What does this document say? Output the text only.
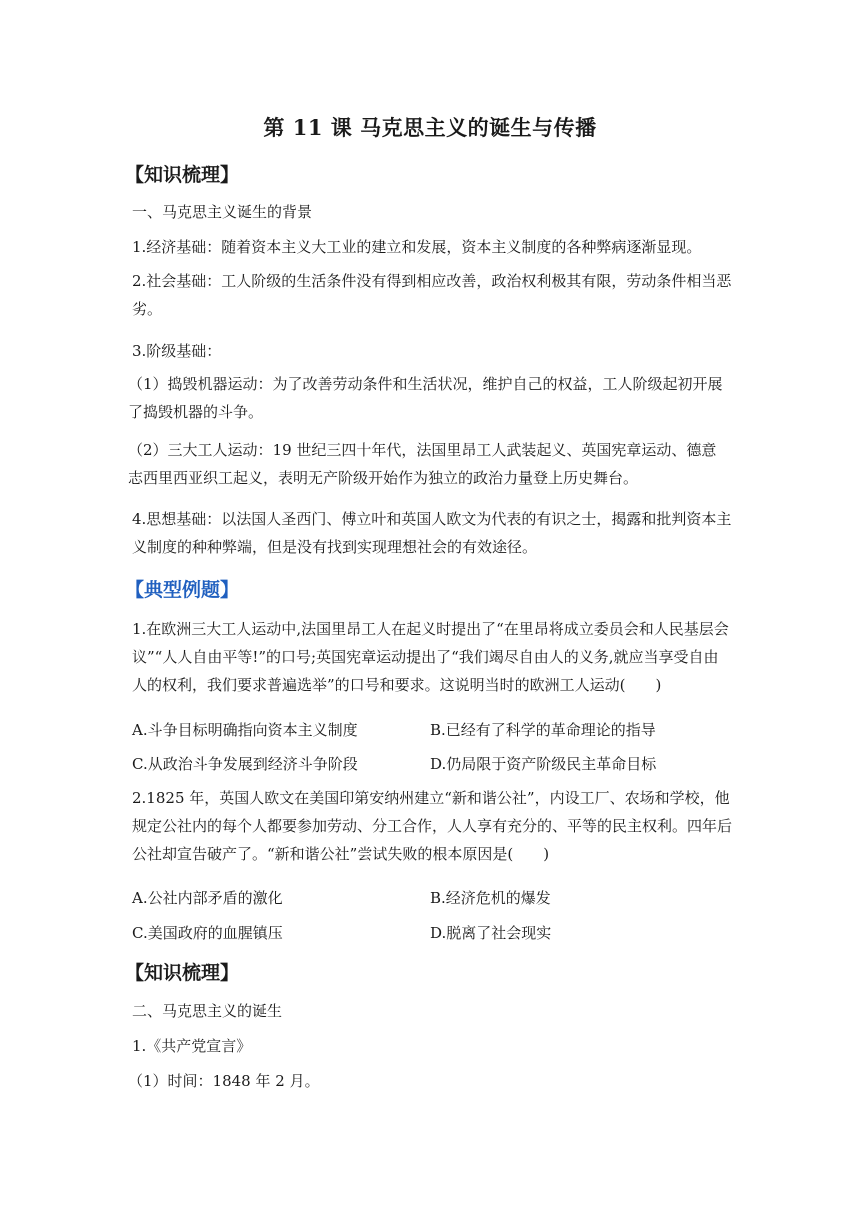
第 11 课 马克思主义的诞生与传播
【知识梳理】
一、马克思主义诞生的背景
1.经济基础：随着资本主义大工业的建立和发展，资本主义制度的各种弊病逐渐显现。
2.社会基础：工人阶级的生活条件没有得到相应改善，政治权利极其有限，劳动条件相当恶劣。
3.阶级基础：
（1）捣毁机器运动：为了改善劳动条件和生活状况，维护自己的权益，工人阶级起初开展了捣毁机器的斗争。
（2）三大工人运动：19 世纪三四十年代，法国里昂工人武装起义、英国宪章运动、德意志西里西亚织工起义，表明无产阶级开始作为独立的政治力量登上历史舞台。
4.思想基础：以法国人圣西门、傅立叶和英国人欧文为代表的有识之士，揭露和批判资本主义制度的种种弊端，但是没有找到实现理想社会的有效途径。
【典型例题】
1.在欧洲三大工人运动中,法国里昂工人在起义时提出了“在里昂将成立委员会和人民基层会议”“人人自由平等!”的口号;英国宪章运动提出了“我们竭尽自由人的义务,就应当享受自由人的权利，我们要求普遍选举”的口号和要求。这说明当时的欧洲工人运动(　　)
A.斗争目标明确指向资本主义制度	B.已经有了科学的革命理论的指导
C.从政治斗争发展到经济斗争阶段	D.仍局限于资产阶级民主革命目标
2.1825 年，英国人欧文在美国印第安纳州建立“新和谐公社”，内设工厂、农场和学校，他规定公社内的每个人都要参加劳动、分工合作，人人享有充分的、平等的民主权利。四年后公社却宣告破产了。“新和谐公社”尝试失败的根本原因是(　　)
A.公社内部矛盾的激化	B.经济危机的爆发
C.美国政府的血腥镇压	D.脱离了社会现实
【知识梳理】
二、马克思主义的诞生
1.《共产党宣言》
（1）时间：1848 年 2 月。
